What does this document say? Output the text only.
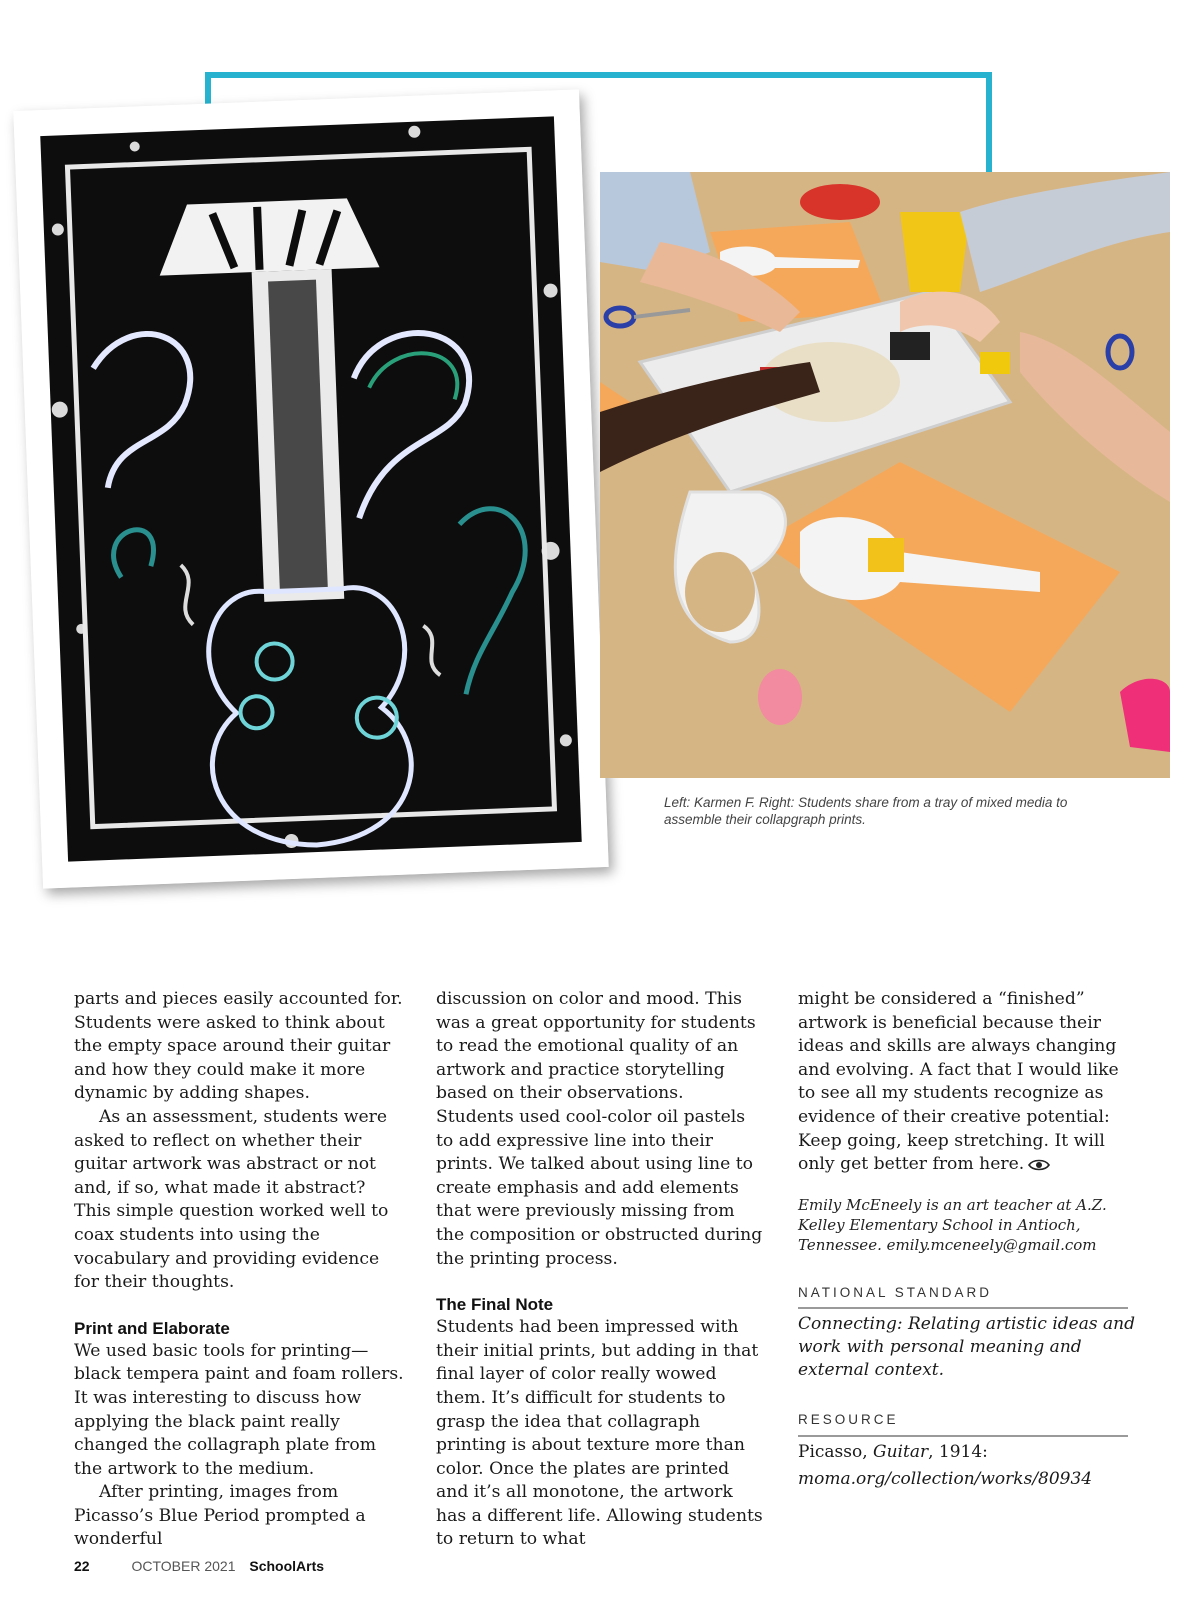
Left: Karmen F. Right: Students share from a tray of mixed media to assemble their collapgraph prints.

parts and pieces easily accounted for. Students were asked to think about the empty space around their guitar and how they could make it more dynamic by adding shapes.

As an assessment, students were asked to reflect on whether their guitar artwork was abstract or not and, if so, what made it abstract? This simple question worked well to coax students into using the vocabulary and providing evidence for their thoughts.

Print and Elaborate

We used basic tools for printing—black tempera paint and foam rollers. It was interesting to discuss how applying the black paint really changed the collagraph plate from the artwork to the medium.

After printing, images from Picasso’s Blue Period prompted a wonderful

discussion on color and mood. This was a great opportunity for students to read the emotional quality of an artwork and practice storytelling based on their observations. Students used cool-color oil pastels to add expressive line into their prints. We talked about using line to create emphasis and add elements that were previously missing from the composition or obstructed during the printing process.

The Final Note

Students had been impressed with their initial prints, but adding in that final layer of color really wowed them. It’s difficult for students to grasp the idea that collagraph printing is about texture more than color. Once the plates are printed and it’s all monotone, the artwork has a different life. Allowing students to return to what

might be considered a “finished” artwork is beneficial because their ideas and skills are always changing and evolving. A fact that I would like to see all my students recognize as evidence of their creative potential: Keep going, keep stretching. It will only get better from here.

Emily McEneely is an art teacher at A.Z. Kelley Elementary School in Antioch, Tennessee. emily.mceneely@gmail.com
NATIONAL STANDARD
Connecting: Relating artistic ideas and work with personal meaning and external context.
RESOURCE
Picasso, Guitar, 1914:
moma.org/collection/works/80934
22	OCTOBER 2021 SchoolArts
